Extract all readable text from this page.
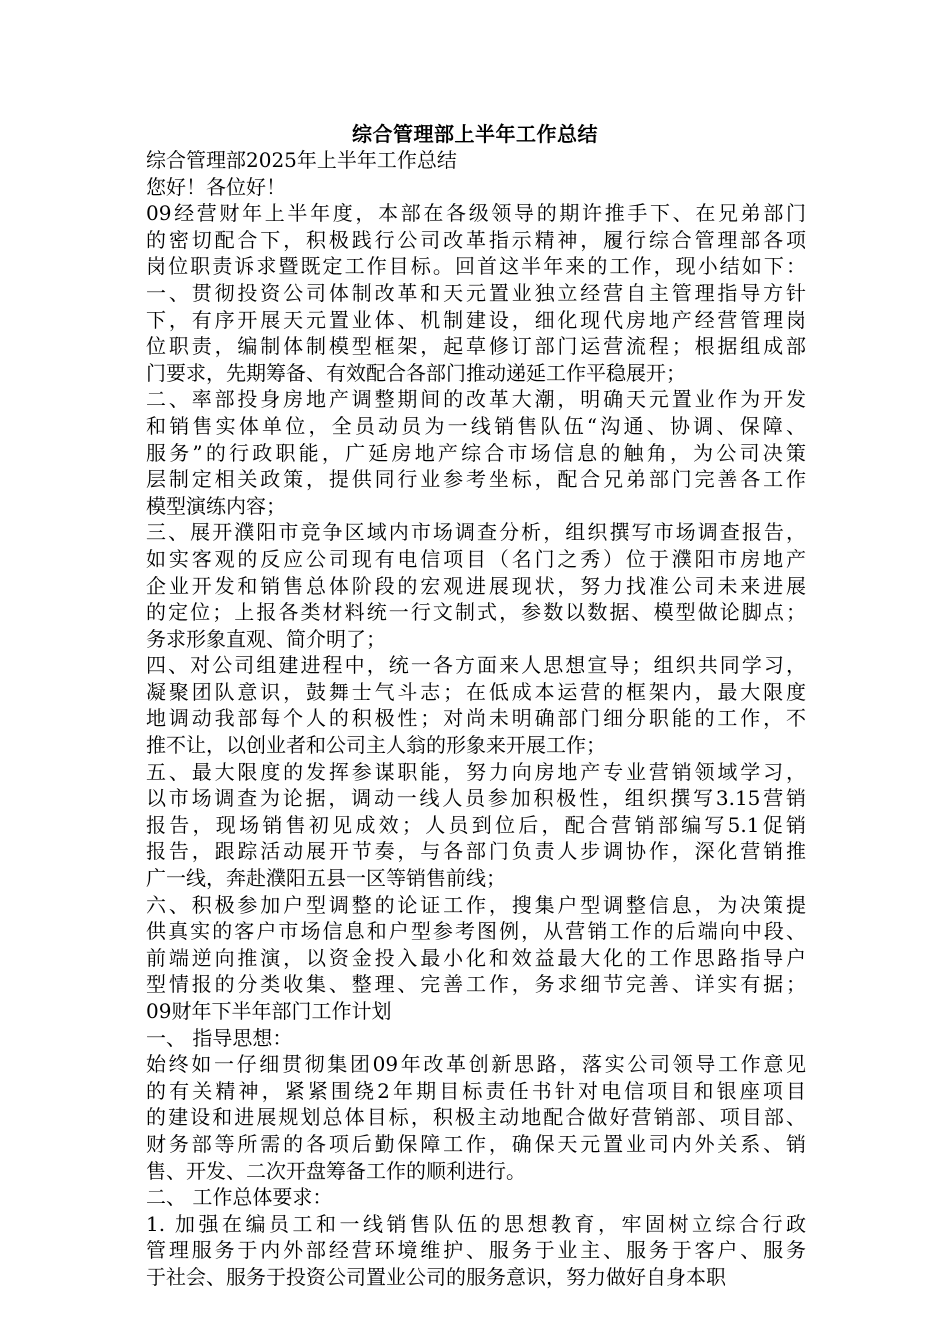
综合管理部上半年工作总结
综合管理部2025年上半年工作总结
您好！各位好！
09经营财年上半年度，本部在各级领导的期许推手下、在兄弟部门
的密切配合下，积极践行公司改革指示精神，履行综合管理部各项
岗位职责诉求暨既定工作目标。回首这半年来的工作，现小结如下：
一、贯彻投资公司体制改革和天元置业独立经营自主管理指导方针
下，有序开展天元置业体、机制建设，细化现代房地产经营管理岗
位职责，编制体制模型框架，起草修订部门运营流程；根据组成部
门要求，先期筹备、有效配合各部门推动递延工作平稳展开；
二、率部投身房地产调整期间的改革大潮，明确天元置业作为开发
和销售实体单位，全员动员为一线销售队伍“沟通、协调、保障、
服务”的行政职能，广延房地产综合市场信息的触角，为公司决策
层制定相关政策，提供同行业参考坐标，配合兄弟部门完善各工作
模型演练内容；
三、展开濮阳市竞争区域内市场调查分析，组织撰写市场调查报告，
如实客观的反应公司现有电信项目（名门之秀）位于濮阳市房地产
企业开发和销售总体阶段的宏观进展现状，努力找准公司未来进展
的定位；上报各类材料统一行文制式，参数以数据、模型做论脚点；
务求形象直观、简介明了；
四、对公司组建进程中，统一各方面来人思想宣导；组织共同学习，
凝聚团队意识，鼓舞士气斗志；在低成本运营的框架内，最大限度
地调动我部每个人的积极性；对尚未明确部门细分职能的工作，不
推不让，以创业者和公司主人翁的形象来开展工作；
五、最大限度的发挥参谋职能，努力向房地产专业营销领域学习，
以市场调查为论据，调动一线人员参加积极性，组织撰写3.15营销
报告，现场销售初见成效；人员到位后，配合营销部编写5.1促销
报告，跟踪活动展开节奏，与各部门负责人步调协作，深化营销推
广一线，奔赴濮阳五县一区等销售前线；
六、积极参加户型调整的论证工作，搜集户型调整信息，为决策提
供真实的客户市场信息和户型参考图例，从营销工作的后端向中段、
前端逆向推演，以资金投入最小化和效益最大化的工作思路指导户
型情报的分类收集、整理、完善工作，务求细节完善、详实有据；
09财年下半年部门工作计划
一、 指导思想：
始终如一仔细贯彻集团09年改革创新思路，落实公司领导工作意见
的有关精神，紧紧围绕2年期目标责任书针对电信项目和银座项目
的建设和进展规划总体目标，积极主动地配合做好营销部、项目部、
财务部等所需的各项后勤保障工作，确保天元置业司内外关系、销
售、开发、二次开盘筹备工作的顺利进行。
二、 工作总体要求：
1. 加强在编员工和一线销售队伍的思想教育，牢固树立综合行政
管理服务于内外部经营环境维护、服务于业主、服务于客户、服务
于社会、服务于投资公司置业公司的服务意识，努力做好自身本职
